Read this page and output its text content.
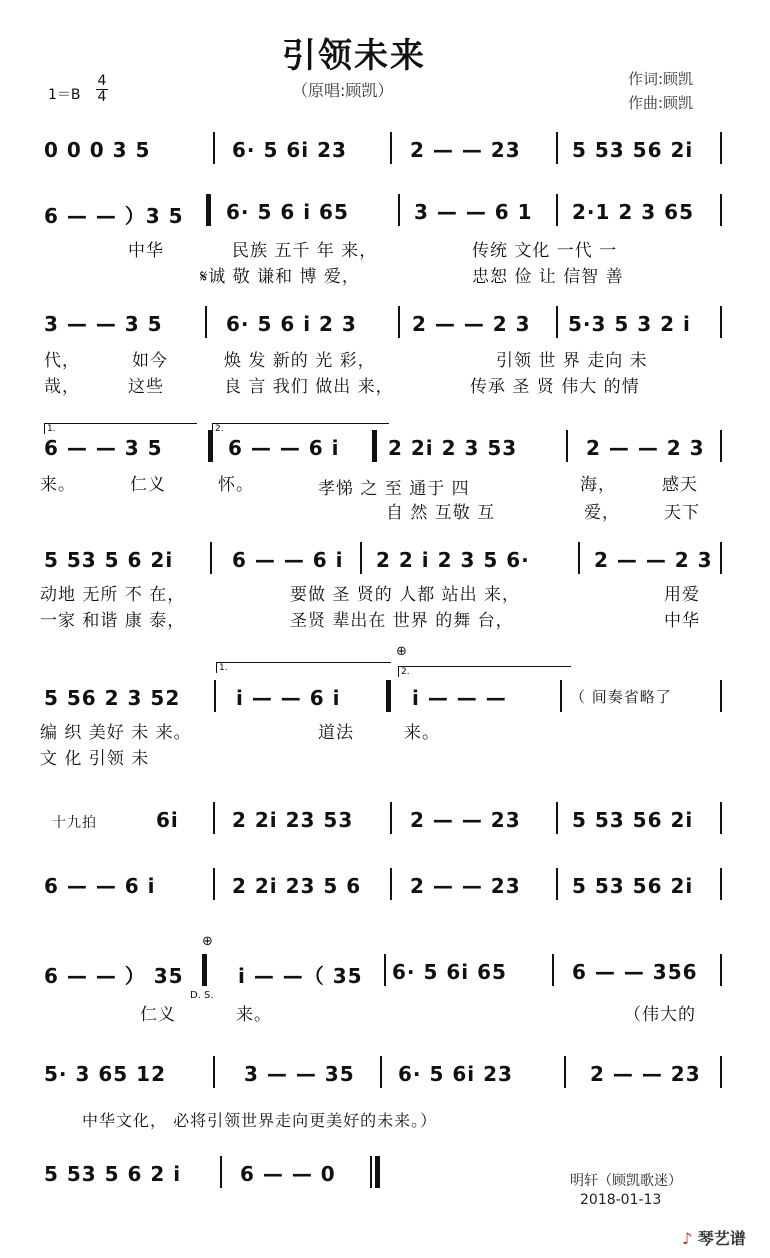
引领未来
（原唱:顾凯）
$1=B \frac{4}{4}$	作词:顾凯
作曲:顾凯
0 0 0 3 5	6· 5 6i 23	2 — — 23	5 53 56 2i
6 — — ）3 5 6· 5 6 i 65	3 — — 6 1 2·1 2 3 65
中华	民族 五千 年 来，	传统 文化 一代 一
𝄋诚 敬 谦和 博 爱，	忠恕 俭 让 信智 善
3 — — 3 5	6· 5 6 i 2 3	2 — — 2 3 5·3 5 3 2 i
代，	如今	焕 发 新的 光 彩，	引领 世 界 走向 未
哉，	这些	良 言 我们 做出 来，	传承 圣 贤 伟大 的情
1.	2.
6 — — 3 5	6 — — 6 i 2 2i 2 3 53	2 — — 2 3
来。	仁义	怀。	孝悌 之 至 通于 四	海，	感天
自 然 互敬 互	爱，	天下
5 53 5 6 2i	6 — — 6 i 2 2 i 2 3 5 6·	2 — — 2 3
动地 无所 不 在，	要做 圣 贤的 人都 站出 来，	用爱
一家 和谐 康 泰，	圣贤 辈出在 世界 的舞 台，	中华
⊕
1.	2.
5 56 2 3 52	i — — 6 i	i — — —	（ 间奏省略了
编 织 美好 未 来。	道法	来。
文 化 引领 未
十九拍	6i	2 2i 23 53	2 — — 23	5 53 56 2i
6 — — 6 i	2 2i 23 5 6 2 — — 23	5 53 56 2i
⊕
6 — — ） 35
D. S.
i — —（ 35 6· 5 6i 65	6 — — 356
仁义	来。	（伟大的
5· 3 65 12	3 — — 35 6· 5 6i 23	2 — — 23
中华文化， 必将引领世界走向更美好的未来。）
5 53 5 6 2 i	6 — — 0	明轩（顾凯歌迷）
2018-01-13
♪ 琴艺谱
